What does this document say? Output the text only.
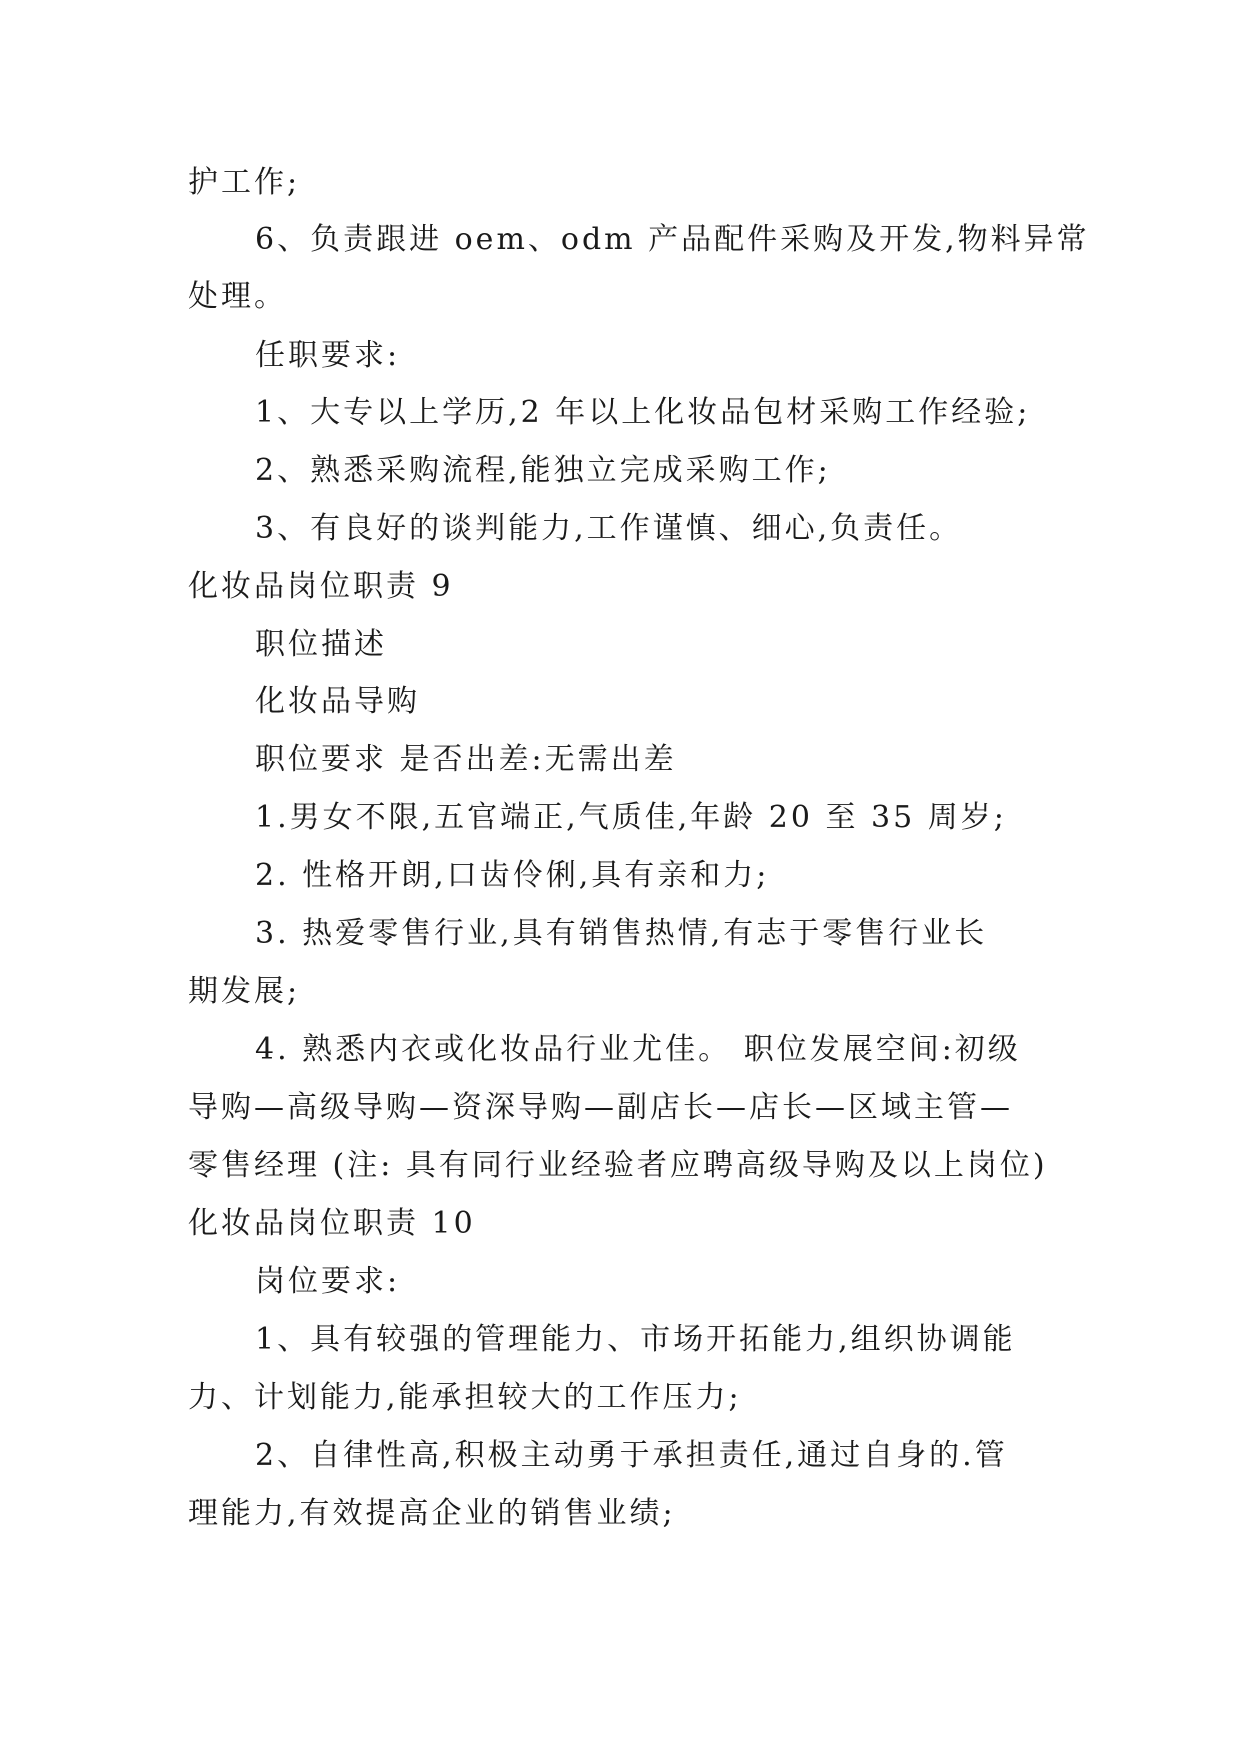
护工作;
6、负责跟进 oem、odm 产品配件采购及开发,物料异常
处理。
任职要求:
1、大专以上学历,2 年以上化妆品包材采购工作经验;
2、熟悉采购流程,能独立完成采购工作;
3、有良好的谈判能力,工作谨慎、细心,负责任。
化妆品岗位职责 9
职位描述
化妆品导购
职位要求 是否出差:无需出差
1.男女不限,五官端正,气质佳,年龄 20 至 35 周岁;
2. 性格开朗,口齿伶俐,具有亲和力;
3. 热爱零售行业,具有销售热情,有志于零售行业长
期发展;
4. 熟悉内衣或化妆品行业尤佳。 职位发展空间:初级
导购—高级导购—资深导购—副店长—店长—区域主管—
零售经理 (注: 具有同行业经验者应聘高级导购及以上岗位)
化妆品岗位职责 10
岗位要求:
1、具有较强的管理能力、市场开拓能力,组织协调能
力、计划能力,能承担较大的工作压力;
2、自律性高,积极主动勇于承担责任,通过自身的.管
理能力,有效提高企业的销售业绩;
